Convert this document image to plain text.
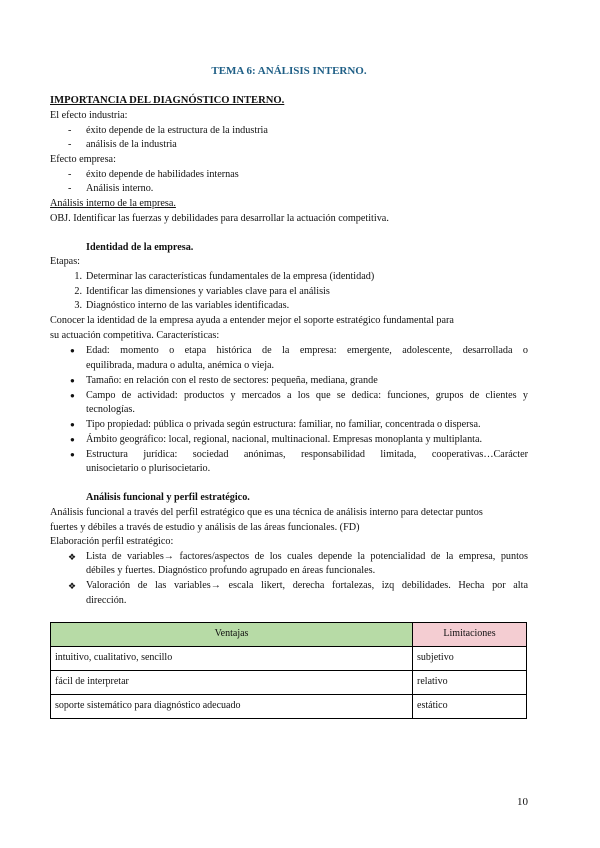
TEMA 6: ANÁLISIS INTERNO.
IMPORTANCIA DEL DIAGNÓSTICO INTERNO.
El efecto industria:
- éxito depende de la estructura de la industria
- análisis de la industria
Efecto empresa:
- éxito depende de habilidades internas
- Análisis interno.
Análisis interno de la empresa.
OBJ. Identificar las fuerzas y debilidades para desarrollar la actuación competitiva.
Identidad de la empresa.
Etapas:
1. Determinar las características fundamentales de la empresa (identidad)
2. Identificar las dimensiones y variables clave para el análisis
3. Diagnóstico interno de las variables identificadas.
Conocer la identidad de la empresa ayuda a entender mejor el soporte estratégico fundamental para
su actuación competitiva. Características:
● Edad: momento o etapa histórica de la empresa: emergente, adolescente, desarrollada o
equilibrada, madura o adulta, anémica o vieja.
● Tamaño: en relación con el resto de sectores: pequeña, mediana, grande
● Campo de actividad: productos y mercados a los que se dedica: funciones, grupos de clientes y
tecnologías.
● Tipo propiedad: pública o privada según estructura: familiar, no familiar, concentrada o dispersa.
● Ámbito geográfico: local, regional, nacional, multinacional. Empresas monoplanta y multiplanta.
● Estructura jurídica: sociedad anónimas, responsabilidad limitada, cooperativas…Carácter
unisocietario o plurisocietario.
Análisis funcional y perfil estratégico.
Análisis funcional a través del perfil estratégico que es una técnica de análisis interno para detectar puntos
fuertes y débiles a través de estudio y análisis de las áreas funcionales. (FD)
Elaboración perfil estratégico:
❖ Lista de variables→ factores/aspectos de los cuales depende la potencialidad de la empresa, puntos
débiles y fuertes. Diagnóstico profundo agrupado en áreas funcionales.
❖ Valoración de las variables→ escala likert, derecha fortalezas, izq debilidades. Hecha por alta
dirección.
Ventajas	Limitaciones
intuitivo, cualitativo, sencillo	subjetivo
fácil de interpretar	relativo
soporte sistemático para diagnóstico adecuado	estático
10
